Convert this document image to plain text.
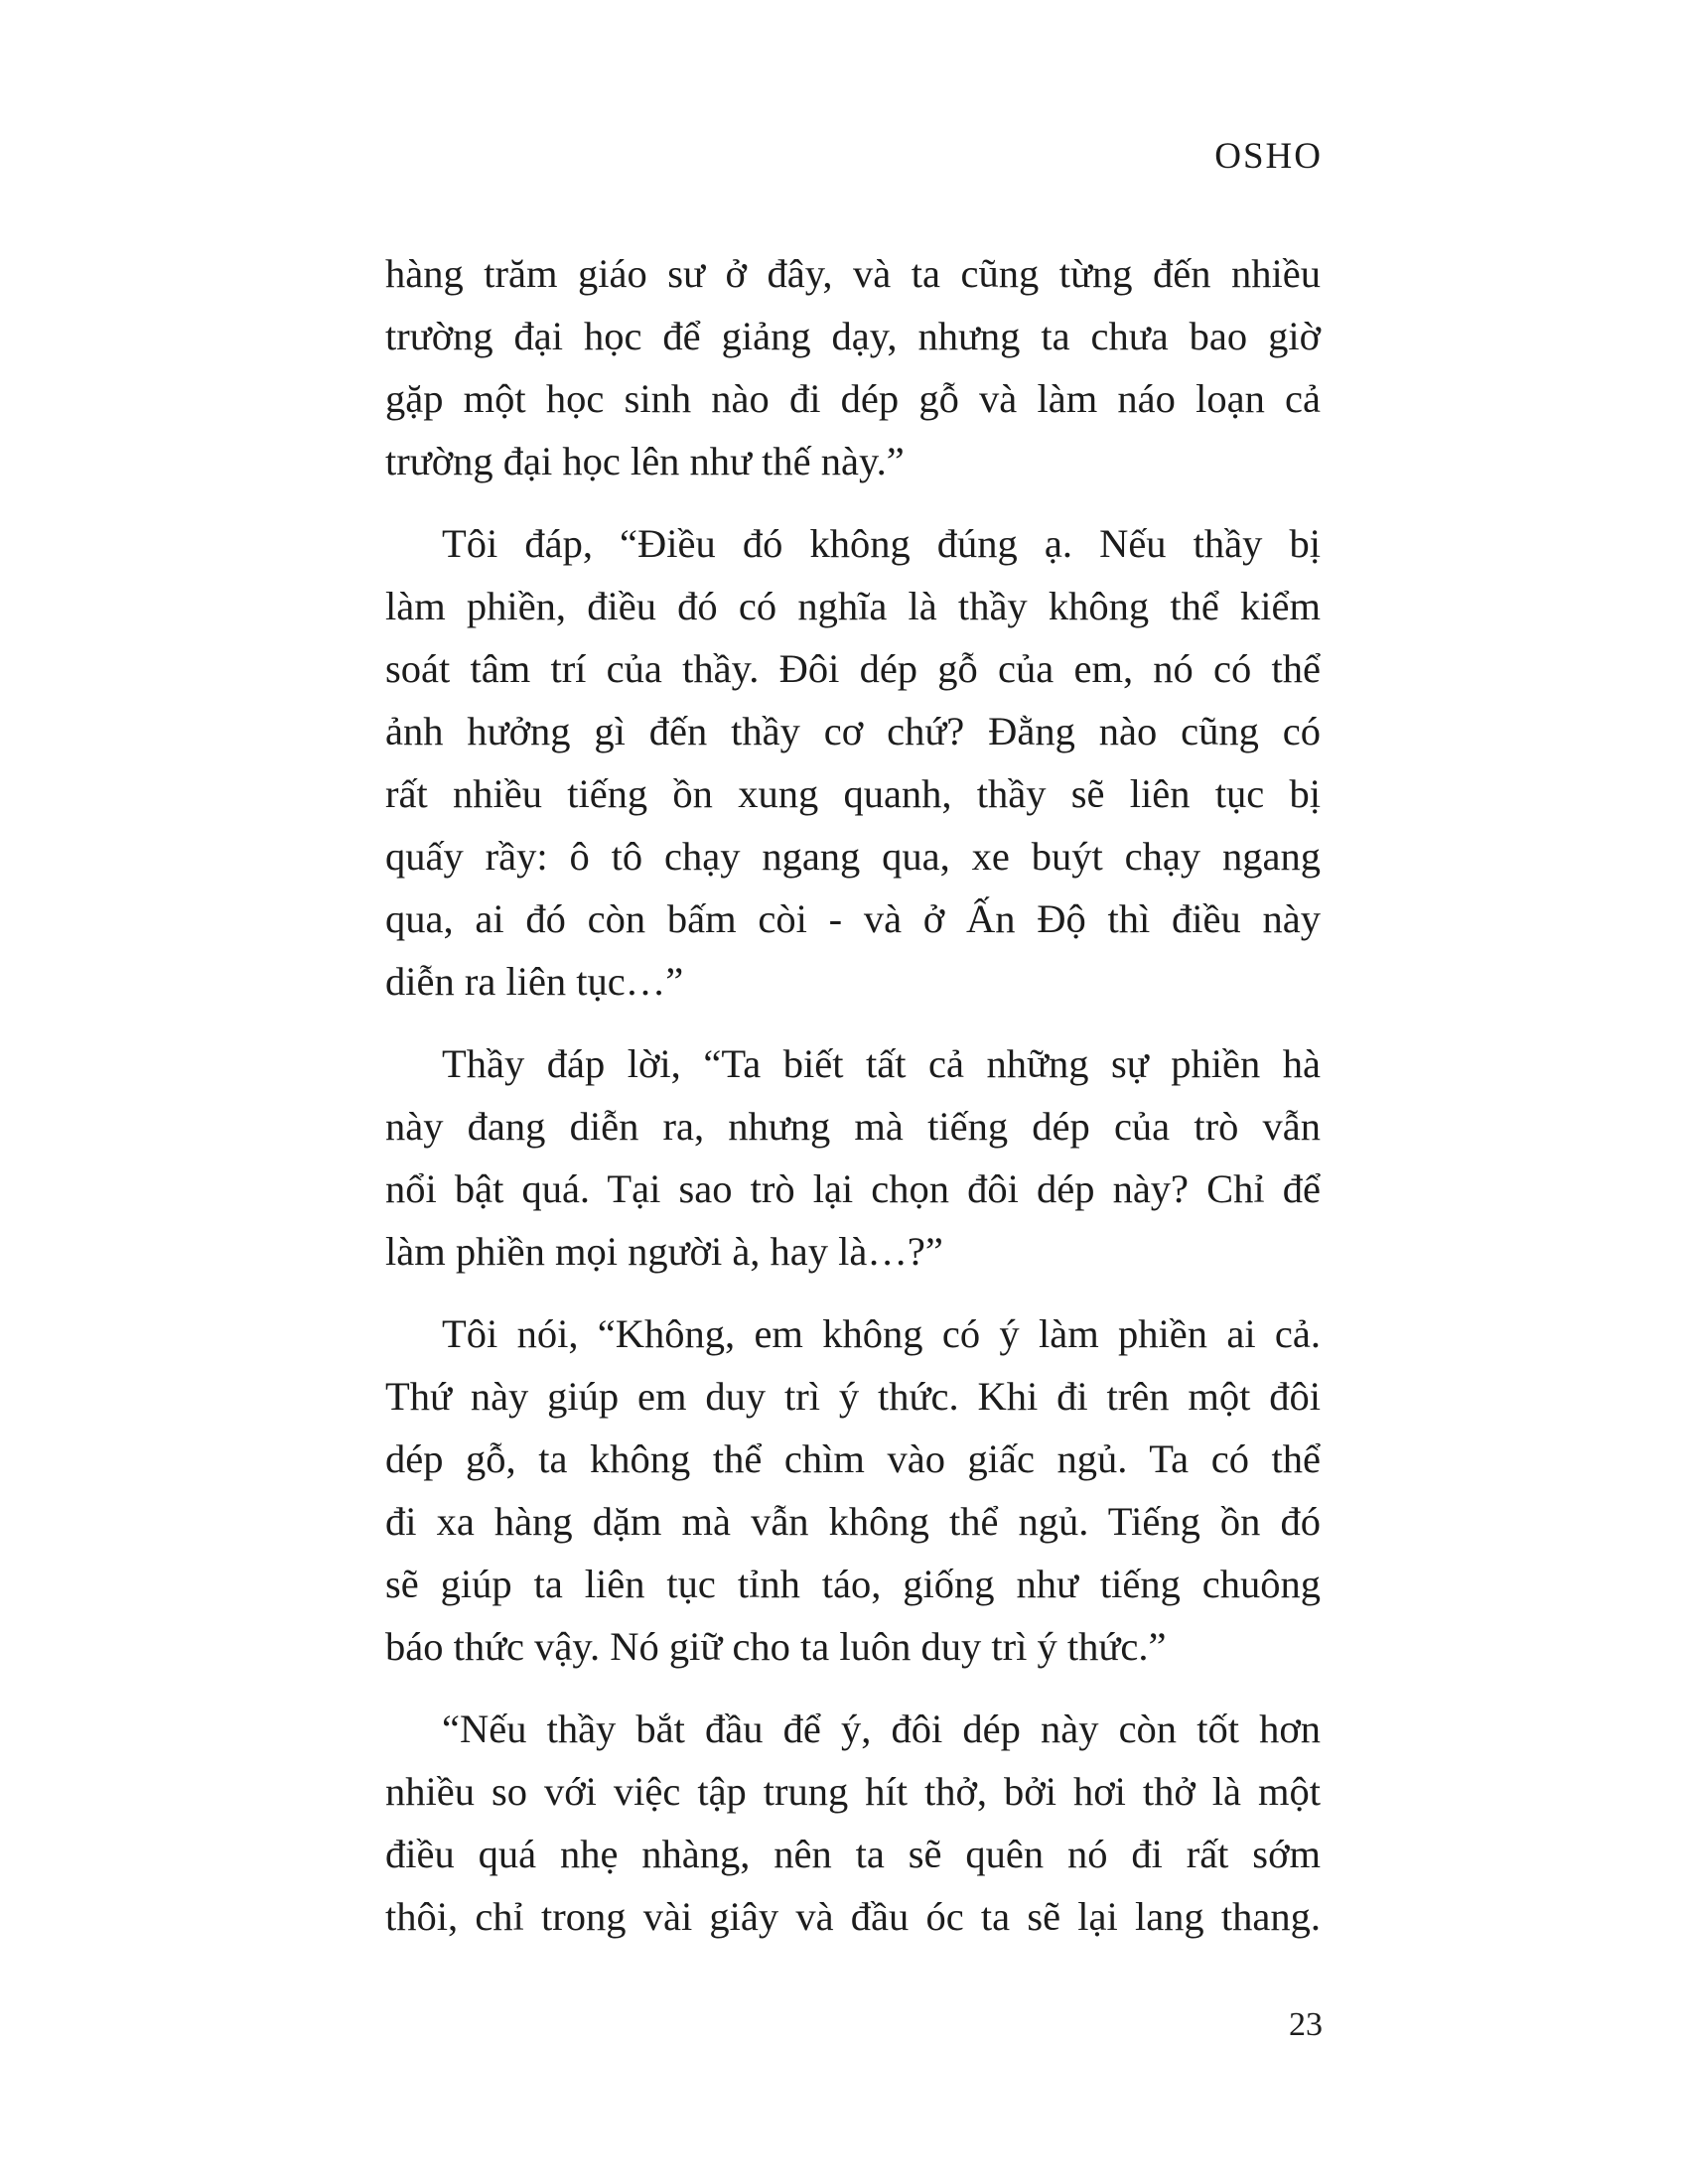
OSHO

hàng trăm giáo sư ở đây, và ta cũng từng đến nhiều
trường đại học để giảng dạy, nhưng ta chưa bao giờ
gặp một học sinh nào đi dép gỗ và làm náo loạn cả
trường đại học lên như thế này.”

Tôi đáp, “Điều đó không đúng ạ. Nếu thầy bị
làm phiền, điều đó có nghĩa là thầy không thể kiểm
soát tâm trí của thầy. Đôi dép gỗ của em, nó có thể
ảnh hưởng gì đến thầy cơ chứ? Đằng nào cũng có
rất nhiều tiếng ồn xung quanh, thầy sẽ liên tục bị
quấy rầy: ô tô chạy ngang qua, xe buýt chạy ngang
qua, ai đó còn bấm còi - và ở Ấn Độ thì điều này
diễn ra liên tục…”

Thầy đáp lời, “Ta biết tất cả những sự phiền hà
này đang diễn ra, nhưng mà tiếng dép của trò vẫn
nổi bật quá. Tại sao trò lại chọn đôi dép này? Chỉ để
làm phiền mọi người à, hay là…?”

Tôi nói, “Không, em không có ý làm phiền ai cả.
Thứ này giúp em duy trì ý thức. Khi đi trên một đôi
dép gỗ, ta không thể chìm vào giấc ngủ. Ta có thể
đi xa hàng dặm mà vẫn không thể ngủ. Tiếng ồn đó
sẽ giúp ta liên tục tỉnh táo, giống như tiếng chuông
báo thức vậy. Nó giữ cho ta luôn duy trì ý thức.”

“Nếu thầy bắt đầu để ý, đôi dép này còn tốt hơn
nhiều so với việc tập trung hít thở, bởi hơi thở là một
điều quá nhẹ nhàng, nên ta sẽ quên nó đi rất sớm
thôi, chỉ trong vài giây và đầu óc ta sẽ lại lang thang.

23
